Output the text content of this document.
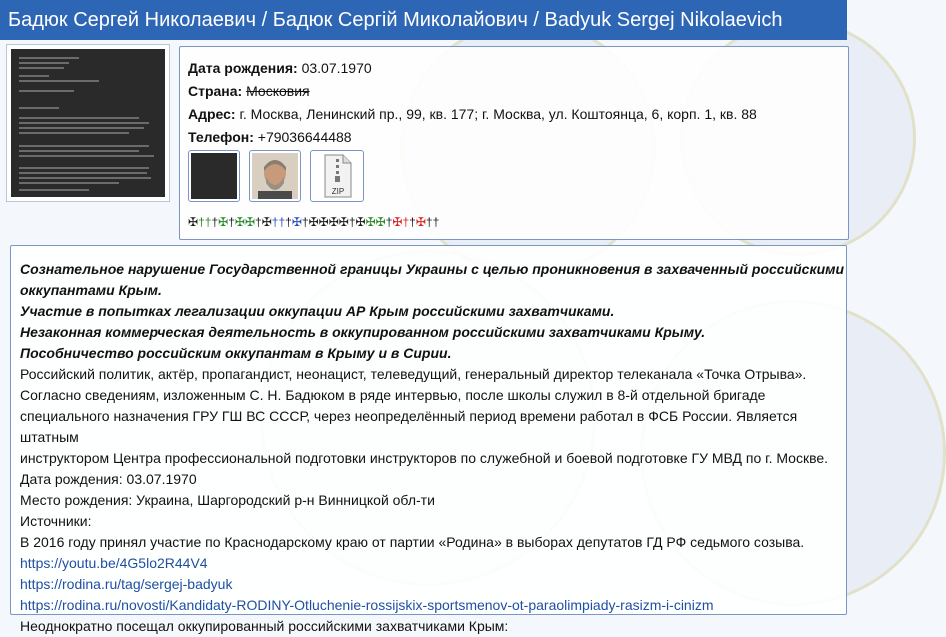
Бадюк Сергей Николаевич / Бадюк Сергій Миколайович / Badyuk Sergej Nikolaevich
Дата рождения: 03.07.1970
Страна: Московия
Адрес: г. Москва, Ленинский пр., 99, кв. 177; г. Москва, ул. Коштоянца, 6, корп. 1, кв. 88
Телефон: +79036644488
ZIP
✠†††✠†✠✠†✠†††✠†✠✠✠✠†✠✠✠†✠††✠††
Сознательное нарушение Государственной границы Украины с целью проникновения в захваченный российскими
оккупантами Крым.
Участие в попытках легализации оккупации АР Крым российскими захватчиками.
Незаконная коммерческая деятельность в оккупированном российскими захватчиками Крыму.
Пособничество российским оккупантам в Крыму и в Сирии.
Российский политик, актёр, пропагандист, неонацист, телеведущий, генеральный директор телеканала «Точка Отрыва».
Согласно сведениям, изложенным С. Н. Бадюком в ряде интервью, после школы служил в 8-й отдельной бригаде
специального назначения ГРУ ГШ ВС СССР, через неопределённый период времени работал в ФСБ России. Является штатным
инструктором Центра профессиональной подготовки инструкторов по служебной и боевой подготовке ГУ МВД по г. Москве.
Дата рождения: 03.07.1970
Место рождения: Украина, Шаргородский р-н Винницкой обл-ти
Источники:
В 2016 году принял участие по Краснодарскому краю от партии «Родина» в выборах депутатов ГД РФ седьмого созыва.
https://youtu.be/4G5lo2R44V4
https://rodina.ru/tag/sergej-badyuk
https://rodina.ru/novosti/Kandidaty-RODINY-Otluchenie-rossijskix-sportsmenov-ot-paraolimpiady-rasizm-i-cinizm
Неоднократно посещал оккупированный российскими захватчиками Крым:
